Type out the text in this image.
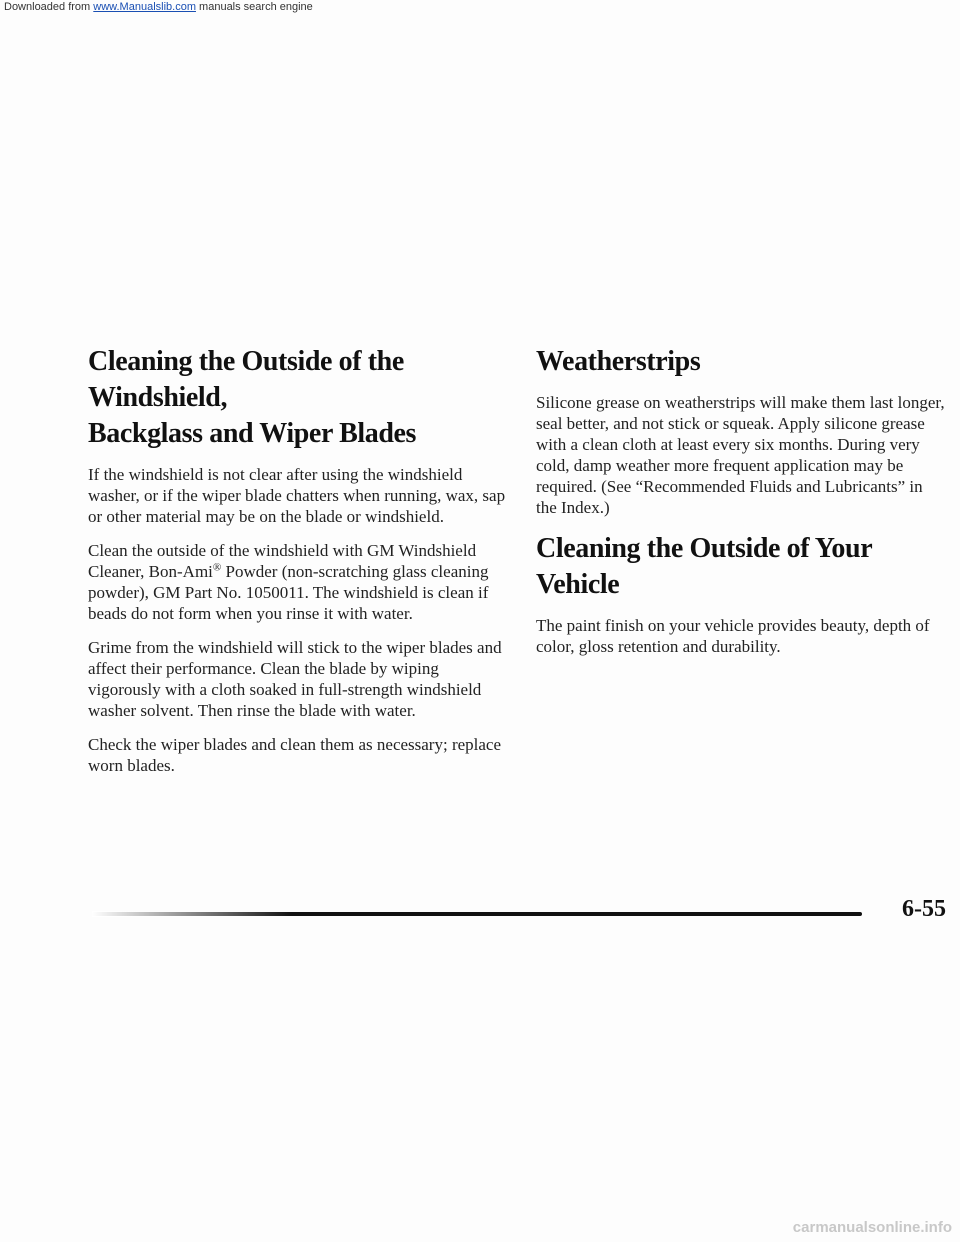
Downloaded from www.Manualslib.com manuals search engine
Cleaning the Outside of the Windshield,
Backglass and Wiper Blades

If the windshield is not clear after using the windshield washer, or if the wiper blade chatters when running, wax, sap or other material may be on the blade or windshield.

Clean the outside of the windshield with GM Windshield Cleaner, Bon-Ami® Powder (non-scratching glass cleaning powder), GM Part No. 1050011. The windshield is clean if beads do not form when you rinse it with water.

Grime from the windshield will stick to the wiper blades and affect their performance. Clean the blade by wiping vigorously with a cloth soaked in full-strength windshield washer solvent. Then rinse the blade with water.

Check the wiper blades and clean them as necessary; replace worn blades.

Weatherstrips

Silicone grease on weatherstrips will make them last longer, seal better, and not stick or squeak. Apply silicone grease with a clean cloth at least every six months. During very cold, damp weather more frequent application may be required. (See “Recommended Fluids and Lubricants” in the Index.)

Cleaning the Outside of Your Vehicle

The paint finish on your vehicle provides beauty, depth of color, gloss retention and durability.

6-55
carmanualsonline.info
